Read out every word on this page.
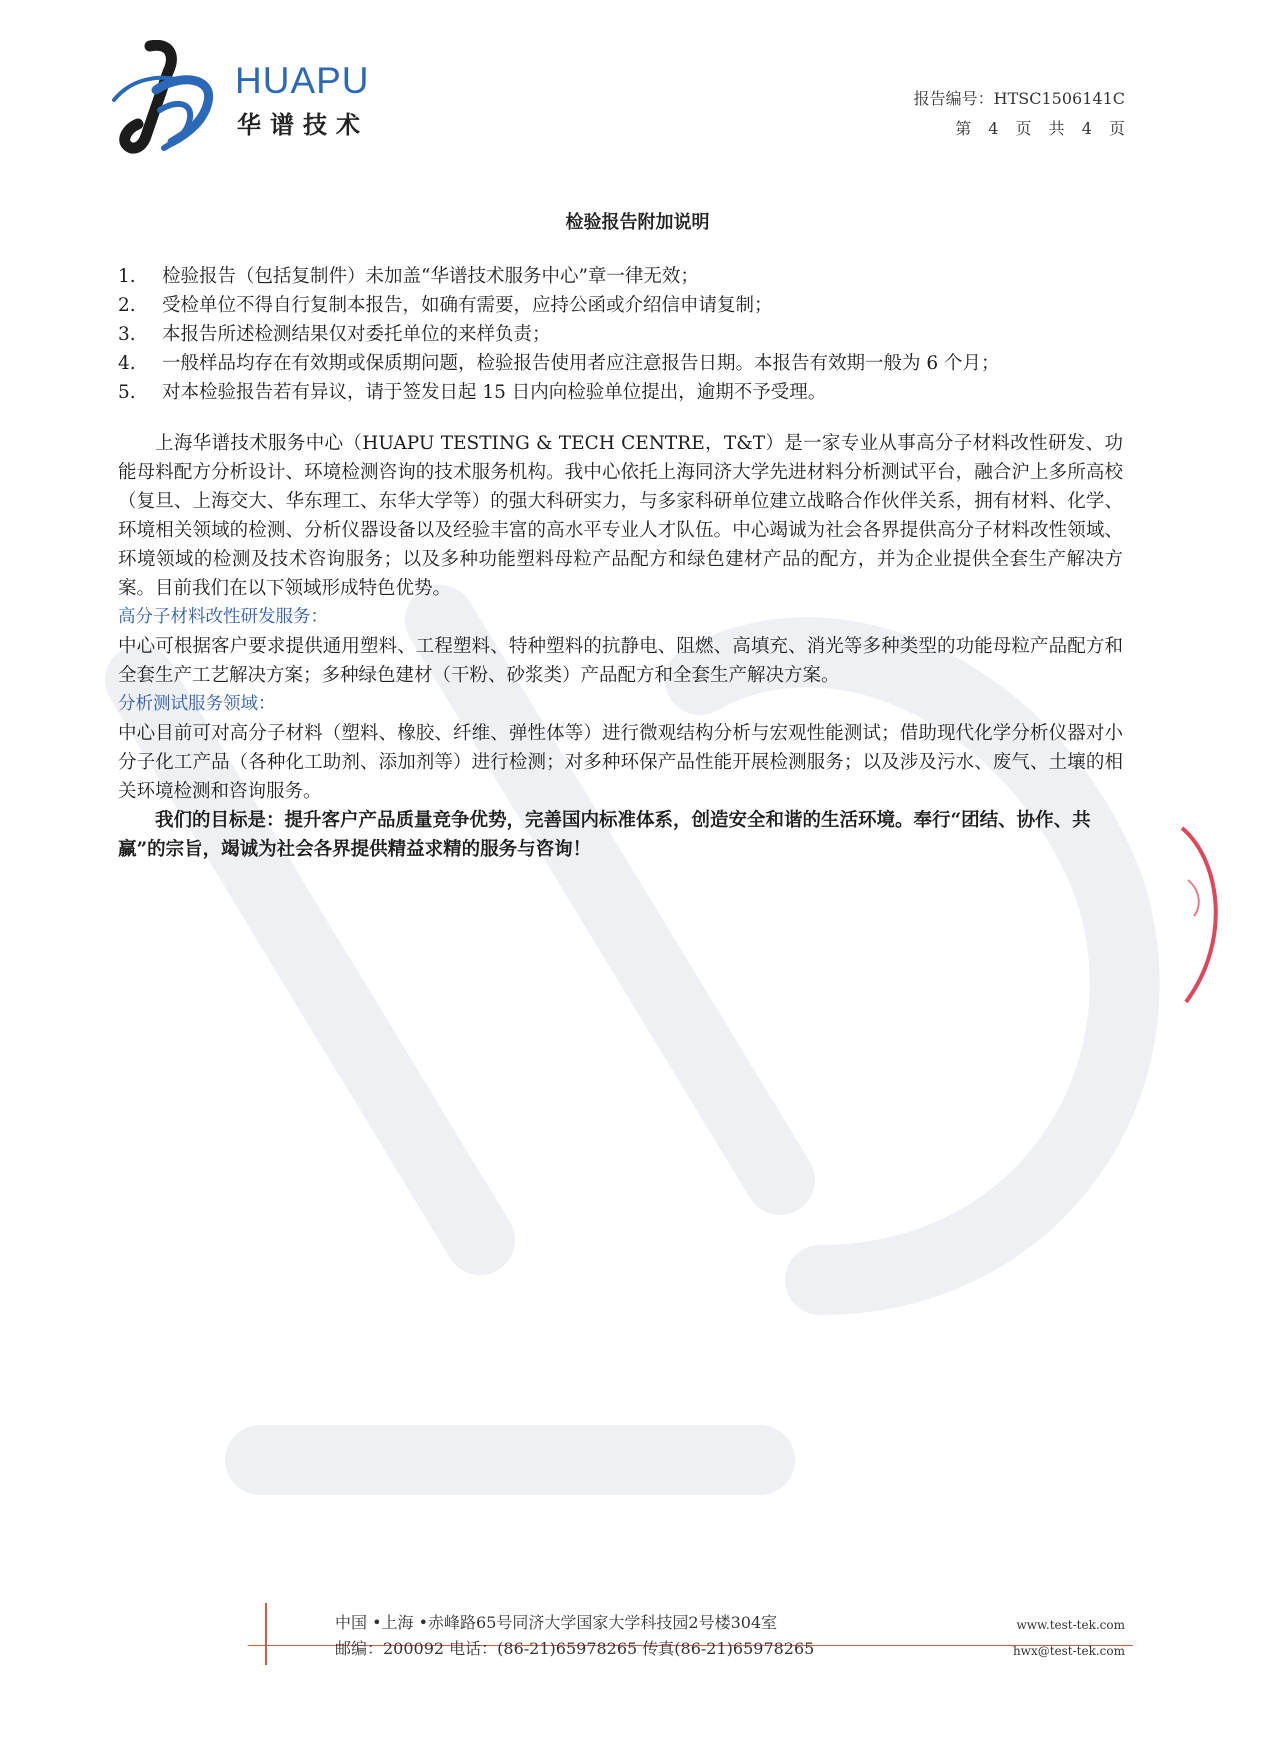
HUAPU
华谱技术
报告编号：HTSC1506141C
第 4 页 共 4 页
检验报告附加说明
1. 检验报告（包括复制件）未加盖“华谱技术服务中心”章一律无效；
2. 受检单位不得自行复制本报告，如确有需要，应持公函或介绍信申请复制；
3. 本报告所述检测结果仅对委托单位的来样负责；
4. 一般样品均存在有效期或保质期问题，检验报告使用者应注意报告日期。本报告有效期一般为 6 个月；
5. 对本检验报告若有异议，请于签发日起 15 日内向检验单位提出，逾期不予受理。

上海华谱技术服务中心（HUAPU TESTING & TECH CENTRE，T&T）是一家专业从事高分子材料改性研发、功能母料配方分析设计、环境检测咨询的技术服务机构。我中心依托上海同济大学先进材料分析测试平台，融合沪上多所高校（复旦、上海交大、华东理工、东华大学等）的强大科研实力，与多家科研单位建立战略合作伙伴关系，拥有材料、化学、环境相关领域的检测、分析仪器设备以及经验丰富的高水平专业人才队伍。中心竭诚为社会各界提供高分子材料改性领域、环境领域的检测及技术咨询服务；以及多种功能塑料母粒产品配方和绿色建材产品的配方，并为企业提供全套生产解决方案。目前我们在以下领域形成特色优势。

高分子材料改性研发服务：

中心可根据客户要求提供通用塑料、工程塑料、特种塑料的抗静电、阻燃、高填充、消光等多种类型的功能母粒产品配方和全套生产工艺解决方案；多种绿色建材（干粉、砂浆类）产品配方和全套生产解决方案。

分析测试服务领域：

中心目前可对高分子材料（塑料、橡胶、纤维、弹性体等）进行微观结构分析与宏观性能测试；借助现代化学分析仪器对小分子化工产品（各种化工助剂、添加剂等）进行检测；对多种环保产品性能开展检测服务；以及涉及污水、废气、土壤的相关环境检测和咨询服务。

我们的目标是：提升客户产品质量竞争优势，完善国内标准体系，创造安全和谐的生活环境。奉行“团结、协作、共赢”的宗旨，竭诚为社会各界提供精益求精的服务与咨询！

中国 •上海 •赤峰路65号同济大学国家大学科技园2号楼304室
邮编：200092 电话：(86-21)65978265 传真(86-21)65978265
www.test-tek.com
hwx@test-tek.com
